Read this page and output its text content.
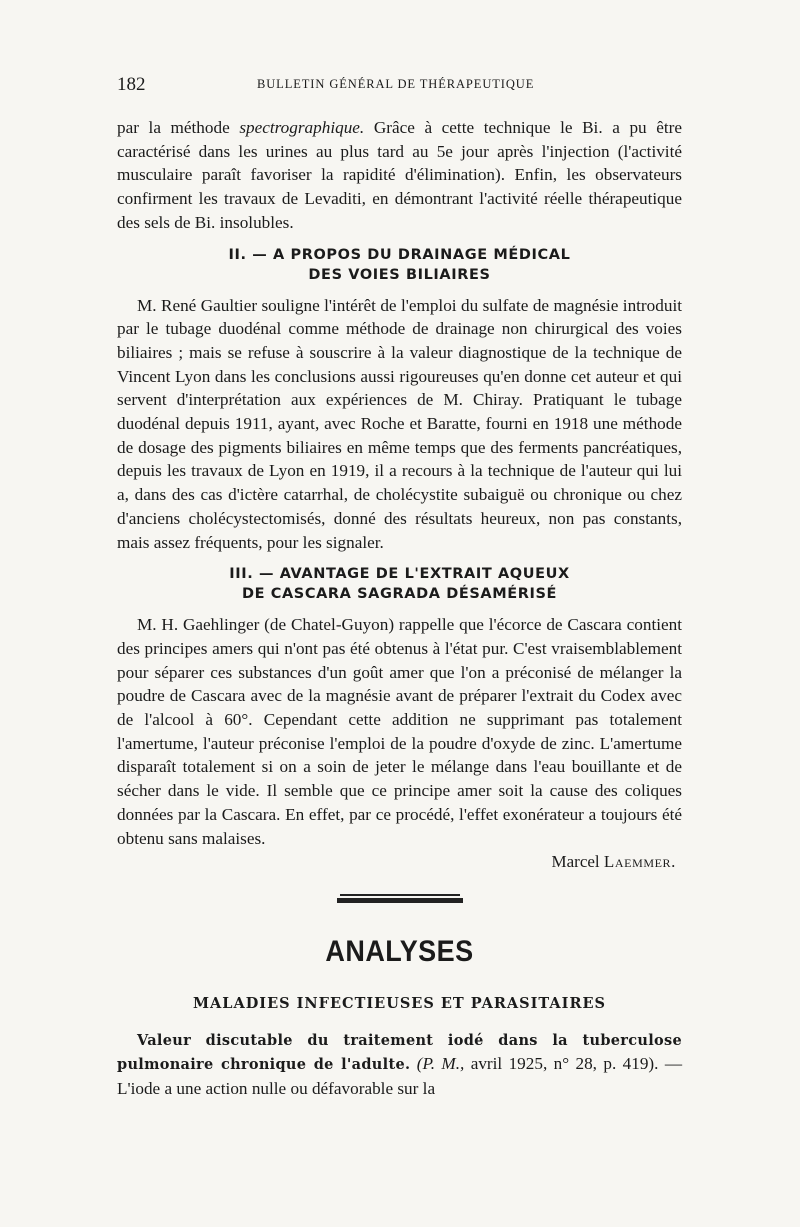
182	BULLETIN GÉNÉRAL DE THÉRAPEUTIQUE

par la méthode spectrographique. Grâce à cette technique le Bi. a pu être caractérisé dans les urines au plus tard au 5e jour après l'injection (l'activité musculaire paraît favoriser la rapidité d'élimination). Enfin, les observateurs confirment les travaux de Levaditi, en démontrant l'activité réelle thérapeutique des sels de Bi. insolubles.

II. — A PROPOS DU DRAINAGE MÉDICAL
DES VOIES BILIAIRES

M. René Gaultier souligne l'intérêt de l'emploi du sulfate de magnésie introduit par le tubage duodénal comme méthode de drainage non chirurgical des voies biliaires ; mais se refuse à souscrire à la valeur diagnostique de la technique de Vincent Lyon dans les conclusions aussi rigoureuses qu'en donne cet auteur et qui servent d'interprétation aux expériences de M. Chiray. Pratiquant le tubage duodénal depuis 1911, ayant, avec Roche et Baratte, fourni en 1918 une méthode de dosage des pigments biliaires en même temps que des ferments pancréatiques, depuis les travaux de Lyon en 1919, il a recours à la technique de l'auteur qui lui a, dans des cas d'ictère catarrhal, de cholécystite subaiguë ou chronique ou chez d'anciens cholécystectomisés, donné des résultats heureux, non pas constants, mais assez fréquents, pour les signaler.

III. — AVANTAGE DE L'EXTRAIT AQUEUX
DE CASCARA SAGRADA DÉSAMÉRISÉ

M. H. Gaehlinger (de Chatel-Guyon) rappelle que l'écorce de Cascara contient des principes amers qui n'ont pas été obtenus à l'état pur. C'est vraisemblablement pour séparer ces substances d'un goût amer que l'on a préconisé de mélanger la poudre de Cascara avec de la magnésie avant de préparer l'extrait du Codex avec de l'alcool à 60°. Cependant cette addition ne supprimant pas totalement l'amertume, l'auteur préconise l'emploi de la poudre d'oxyde de zinc. L'amertume disparaît totalement si on a soin de jeter le mélange dans l'eau bouillante et de sécher dans le vide. Il semble que ce principe amer soit la cause des coliques données par la Cascara. En effet, par ce procédé, l'effet exonérateur a toujours été obtenu sans malaises.

Marcel Laemmer.
ANALYSES
MALADIES INFECTIEUSES ET PARASITAIRES

Valeur discutable du traitement iodé dans la tuberculose pulmonaire chronique de l'adulte. (P. M., avril 1925, n° 28, p. 419). — L'iode a une action nulle ou défavorable sur la
